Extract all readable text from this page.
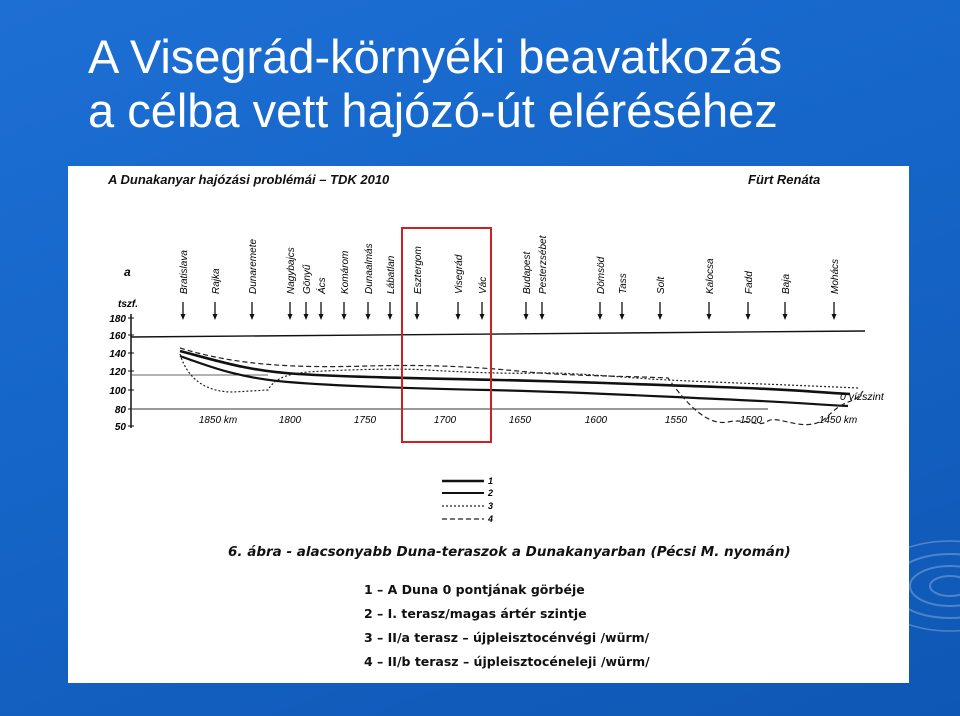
A Visegrád-környéki beavatkozás
a célba vett hajózó-út eléréséhez
A Dunakanyar hajózási problémái – TDK 2010	Fürt Renáta
a
tszf.
180
160
140
120
100
80
50
Bratislava Rajka	Dunaremete	Nagybajcs Gönyű Ács Komárom Dunaalmás Lábatlan Esztergom	Visegrád Vác	Budapest Pesterzsébet	Dömsöd Tass	Solt	Kalocsa	Fadd	Baja	Mohács
0 vízszint
1850 km	1800	1750	1700	1650	1600	1550	1500	1450 km
1
2
3
4
6. ábra - alacsonyabb Duna-teraszok a Dunakanyarban (Pécsi M. nyomán)
1 – A Duna 0 pontjának görbéje
2 – I. terasz/magas ártér szintje
3 – II/a terasz – újpleisztocénvégi /würm/
4 – II/b terasz – újpleisztocéneleji /würm/
